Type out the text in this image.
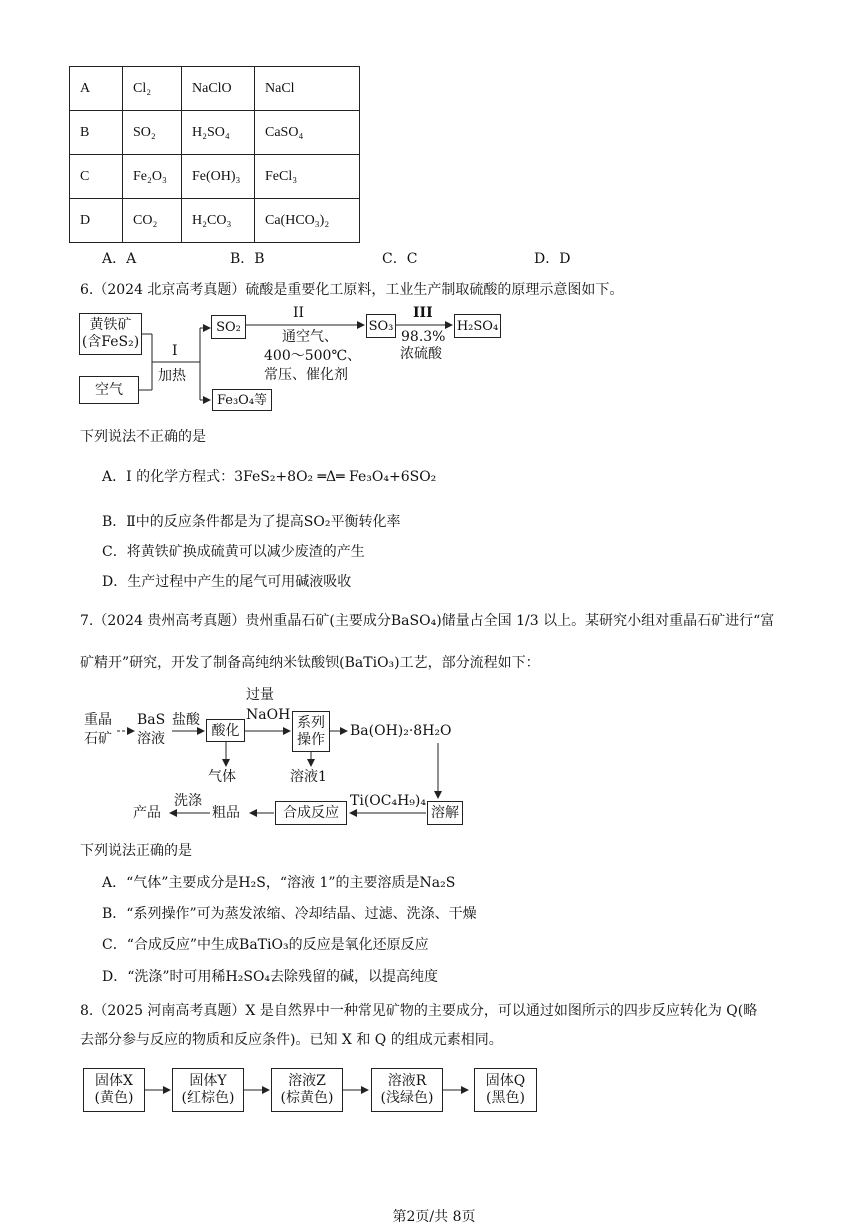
A	Cl₂	NaClO	NaCl
B	SO₂	H₂SO₄	CaSO₄
C	Fe₂O₃	Fe(OH)₃	FeCl₃
D	CO₂	H₂CO₃	Ca(HCO₃)₂
A．A	B．B	C．C	D．D
6.（2024 北京高考真题）硫酸是重要化工原料，工业生产制取硫酸的原理示意图如下。
黄铁矿
(含FeS₂)
空气
I
加热
SO₂
Fe₃O₄等
II
通空气、
400～500℃、
常压、催化剂
SO₃
III
98.3%
浓硫酸
H₂SO₄
下列说法不正确的是
A．I 的化学方程式：3FeS₂+8O₂ ═Δ═ Fe₃O₄+6SO₂
B．Ⅱ中的反应条件都是为了提高SO₂平衡转化率
C．将黄铁矿换成硫黄可以减少废渣的产生
D．生产过程中产生的尾气可用碱液吸收
7.（2024 贵州高考真题）贵州重晶石矿(主要成分BaSO₄)储量占全国 1/3 以上。某研究小组对重晶石矿进行“富
矿精开”研究，开发了制备高纯纳米钛酸钡(BaTiO₃)工艺，部分流程如下：
重晶
石矿
BaS
溶液
盐酸
酸化
过量
NaOH 系列
操作
Ba(OH)₂·8H₂O
气体	溶液1
Ti(OC₄H₉)₄
溶解
合成反应
粗品
洗涤
产品
下列说法正确的是
A．“气体”主要成分是H₂S，“溶液 1”的主要溶质是Na₂S
B．“系列操作”可为蒸发浓缩、冷却结晶、过滤、洗涤、干燥
C．“合成反应”中生成BaTiO₃的反应是氧化还原反应
D．“洗涤”时可用稀H₂SO₄去除残留的碱，以提高纯度
8.（2025 河南高考真题）X 是自然界中一种常见矿物的主要成分，可以通过如图所示的四步反应转化为 Q(略
去部分参与反应的物质和反应条件)。已知 X 和 Q 的组成元素相同。
固体X
(黄色)
固体Y
(红棕色)
溶液Z
(棕黄色)
溶液R
(浅绿色)
固体Q
(黑色)
第2页/共 8页
